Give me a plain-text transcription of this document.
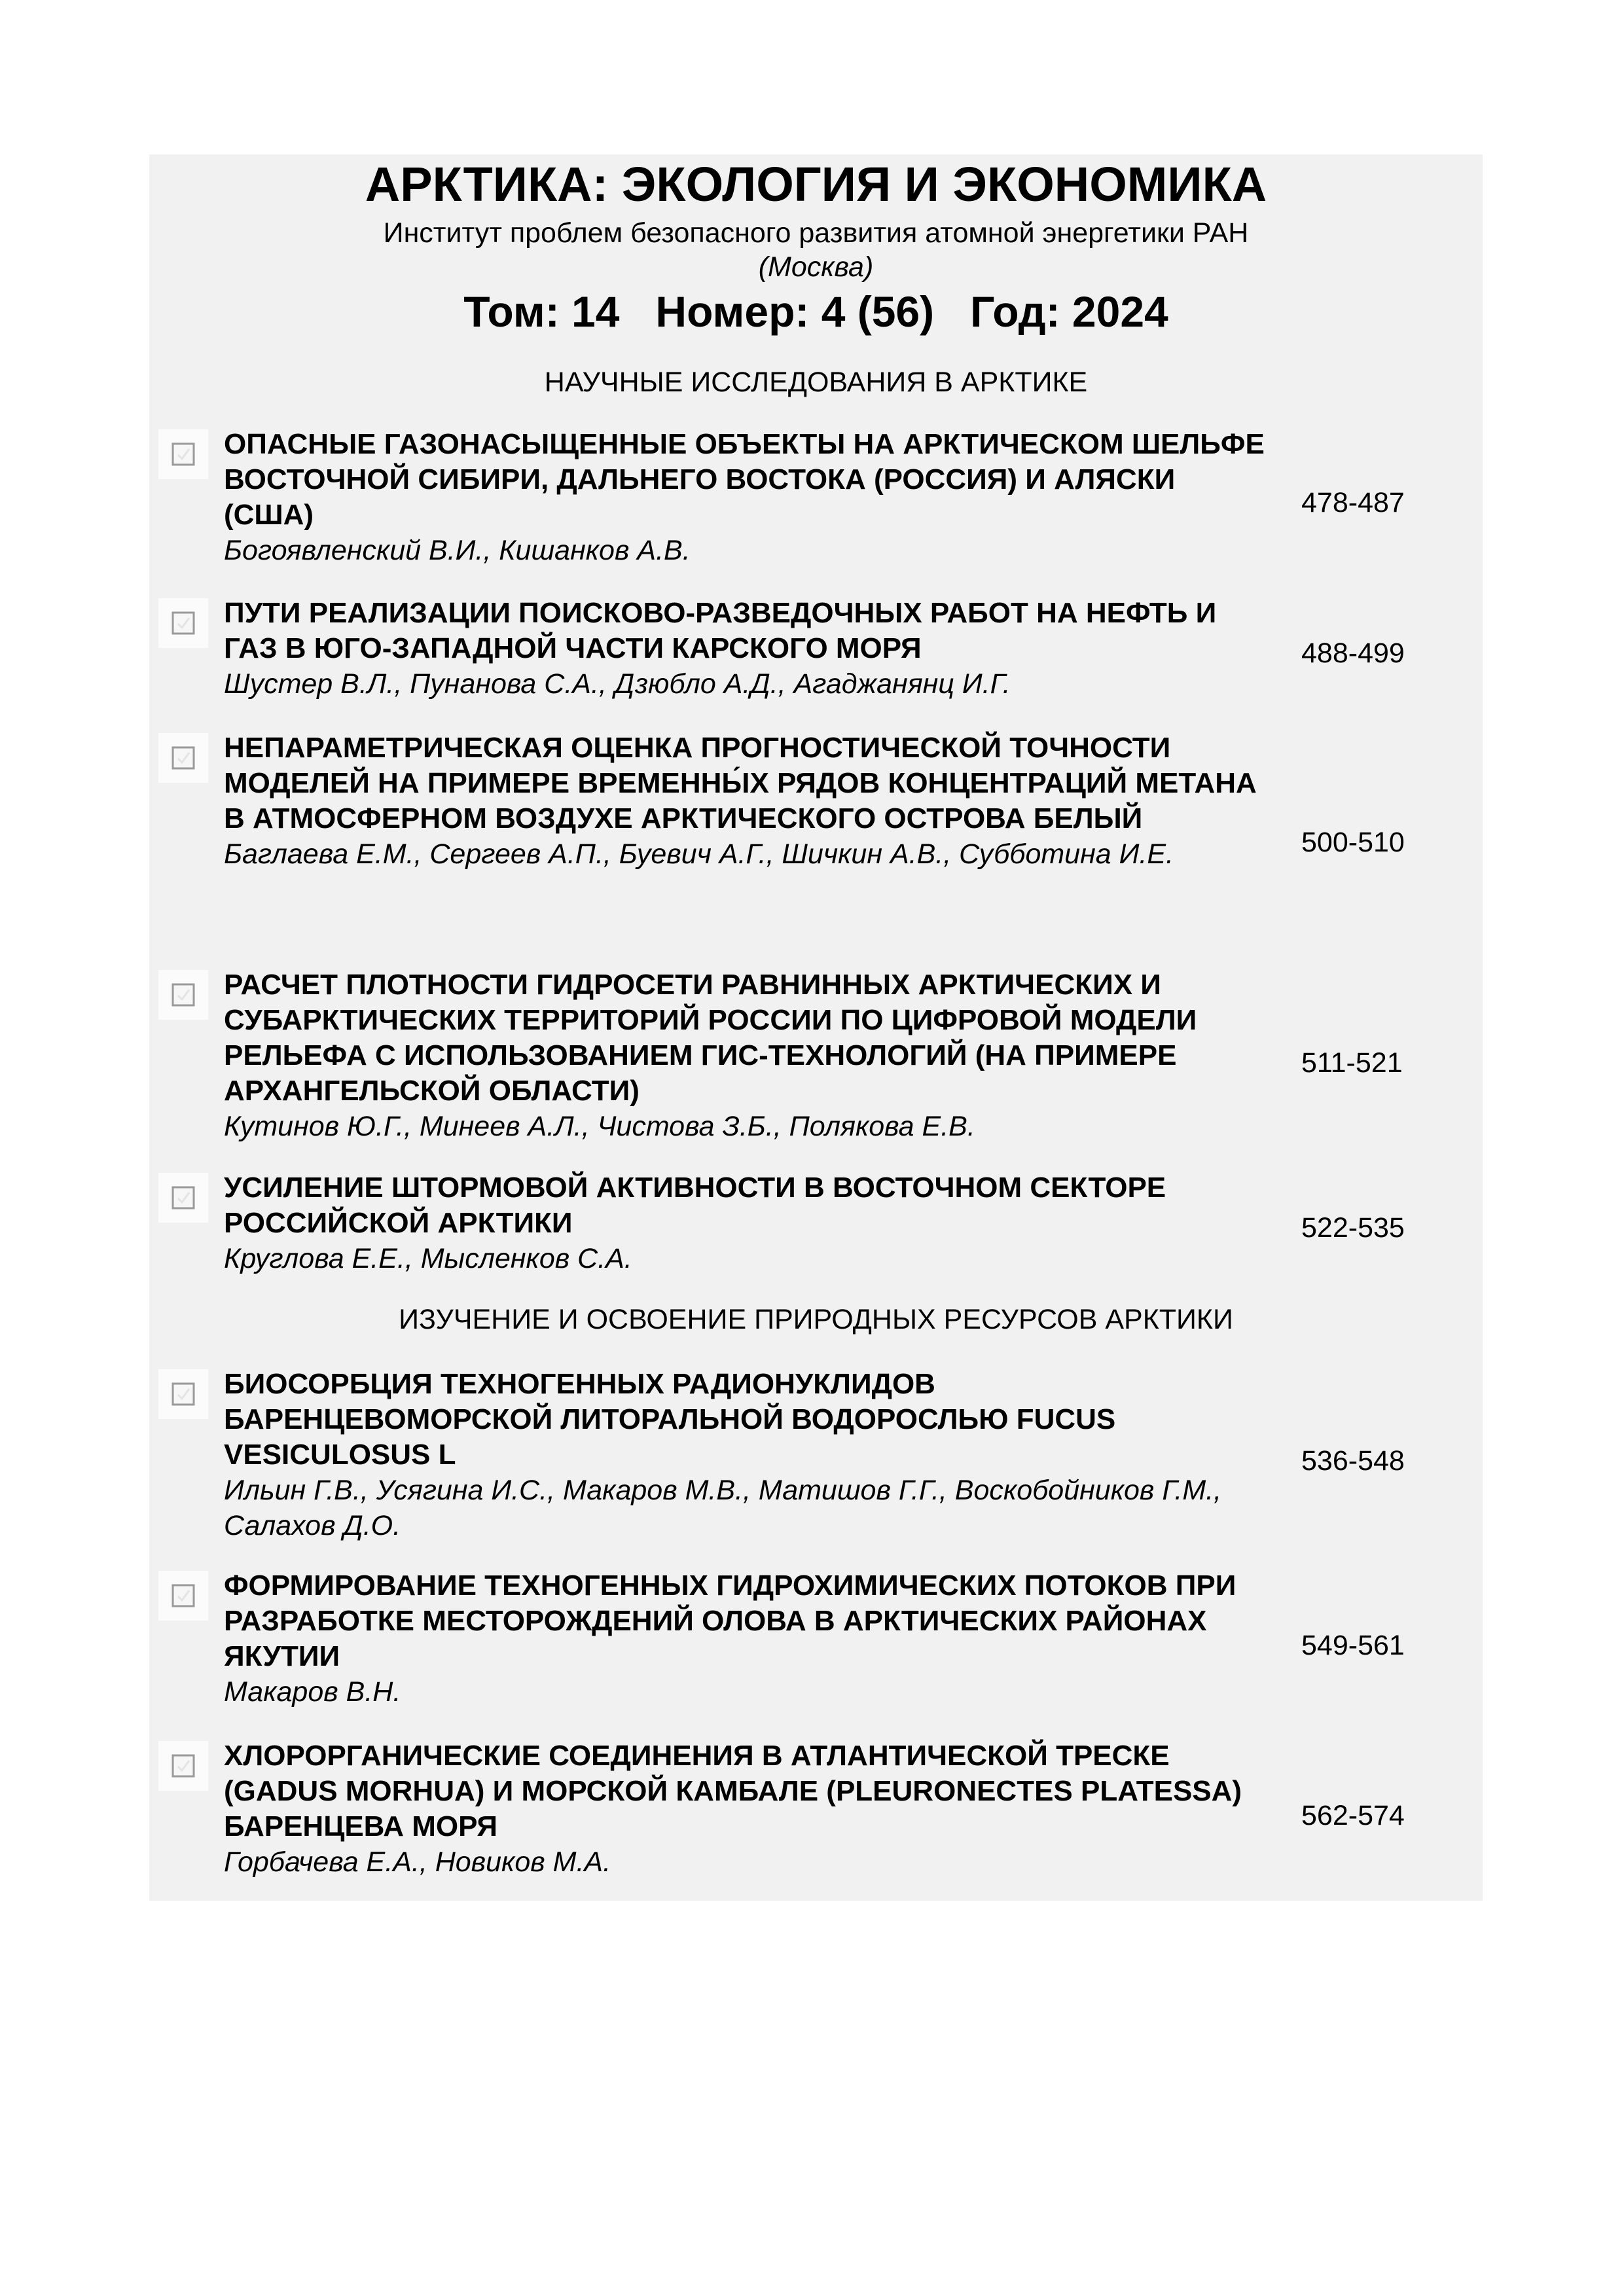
АРКТИКА: ЭКОЛОГИЯ И ЭКОНОМИКА
Институт проблем безопасного развития атомной энергетики РАН
(Москва)
Том: 14   Номер: 4 (56)   Год: 2024
НАУЧНЫЕ ИССЛЕДОВАНИЯ В АРКТИКЕ
ОПАСНЫЕ ГАЗОНАСЫЩЕННЫЕ ОБЪЕКТЫ НА АРКТИЧЕСКОМ ШЕЛЬФЕ ВОСТОЧНОЙ СИБИРИ, ДАЛЬНЕГО ВОСТОКА (РОССИЯ) И АЛЯСКИ (США)
Богоявленский В.И., Кишанков А.В.
478-487
ПУТИ РЕАЛИЗАЦИИ ПОИСКОВО-РАЗВЕДОЧНЫХ РАБОТ НА НЕФТЬ И ГАЗ В ЮГО-ЗАПАДНОЙ ЧАСТИ КАРСКОГО МОРЯ
Шустер В.Л., Пунанова С.А., Дзюбло А.Д., Агаджанянц И.Г.
488-499
НЕПАРАМЕТРИЧЕСКАЯ ОЦЕНКА ПРОГНОСТИЧЕСКОЙ ТОЧНОСТИ МОДЕЛЕЙ НА ПРИМЕРЕ ВРЕМЕННЫ́Х РЯДОВ КОНЦЕНТРАЦИЙ МЕТАНА В АТМОСФЕРНОМ ВОЗДУХЕ АРКТИЧЕСКОГО ОСТРОВА БЕЛЫЙ
Баглаева Е.М., Сергеев А.П., Буевич А.Г., Шичкин А.В., Субботина И.Е.	500-510
РАСЧЕТ ПЛОТНОСТИ ГИДРОСЕТИ РАВНИННЫХ АРКТИЧЕСКИХ И СУБАРКТИЧЕСКИХ ТЕРРИТОРИЙ РОССИИ ПО ЦИФРОВОЙ МОДЕЛИ РЕЛЬЕФА С ИСПОЛЬЗОВАНИЕМ ГИС-ТЕХНОЛОГИЙ (НА ПРИМЕРЕ АРХАНГЕЛЬСКОЙ ОБЛАСТИ)
Кутинов Ю.Г., Минеев А.Л., Чистова З.Б., Полякова Е.В.
511-521
УСИЛЕНИЕ ШТОРМОВОЙ АКТИВНОСТИ В ВОСТОЧНОМ СЕКТОРЕ РОССИЙСКОЙ АРКТИКИ
Круглова Е.Е., Мысленков С.А.
522-535
ИЗУЧЕНИЕ И ОСВОЕНИЕ ПРИРОДНЫХ РЕСУРСОВ АРКТИКИ
БИОСОРБЦИЯ ТЕХНОГЕННЫХ РАДИОНУКЛИДОВ БАРЕНЦЕВОМОРСКОЙ ЛИТОРАЛЬНОЙ ВОДОРОСЛЬЮ FUCUS VESICULOSUS L
Ильин Г.В., Усягина И.С., Макаров М.В., Матишов Г.Г., Воскобойников Г.М., Салахов Д.О.
536-548
ФОРМИРОВАНИЕ ТЕХНОГЕННЫХ ГИДРОХИМИЧЕСКИХ ПОТОКОВ ПРИ РАЗРАБОТКЕ МЕСТОРОЖДЕНИЙ ОЛОВА В АРКТИЧЕСКИХ РАЙОНАХ ЯКУТИИ
Макаров В.Н.
549-561
ХЛОРОРГАНИЧЕСКИЕ СОЕДИНЕНИЯ В АТЛАНТИЧЕСКОЙ ТРЕСКЕ (GADUS MORHUA) И МОРСКОЙ КАМБАЛЕ (PLEURONECTES PLATESSA) БАРЕНЦЕВА МОРЯ
Горбачева Е.А., Новиков М.А.
562-574
